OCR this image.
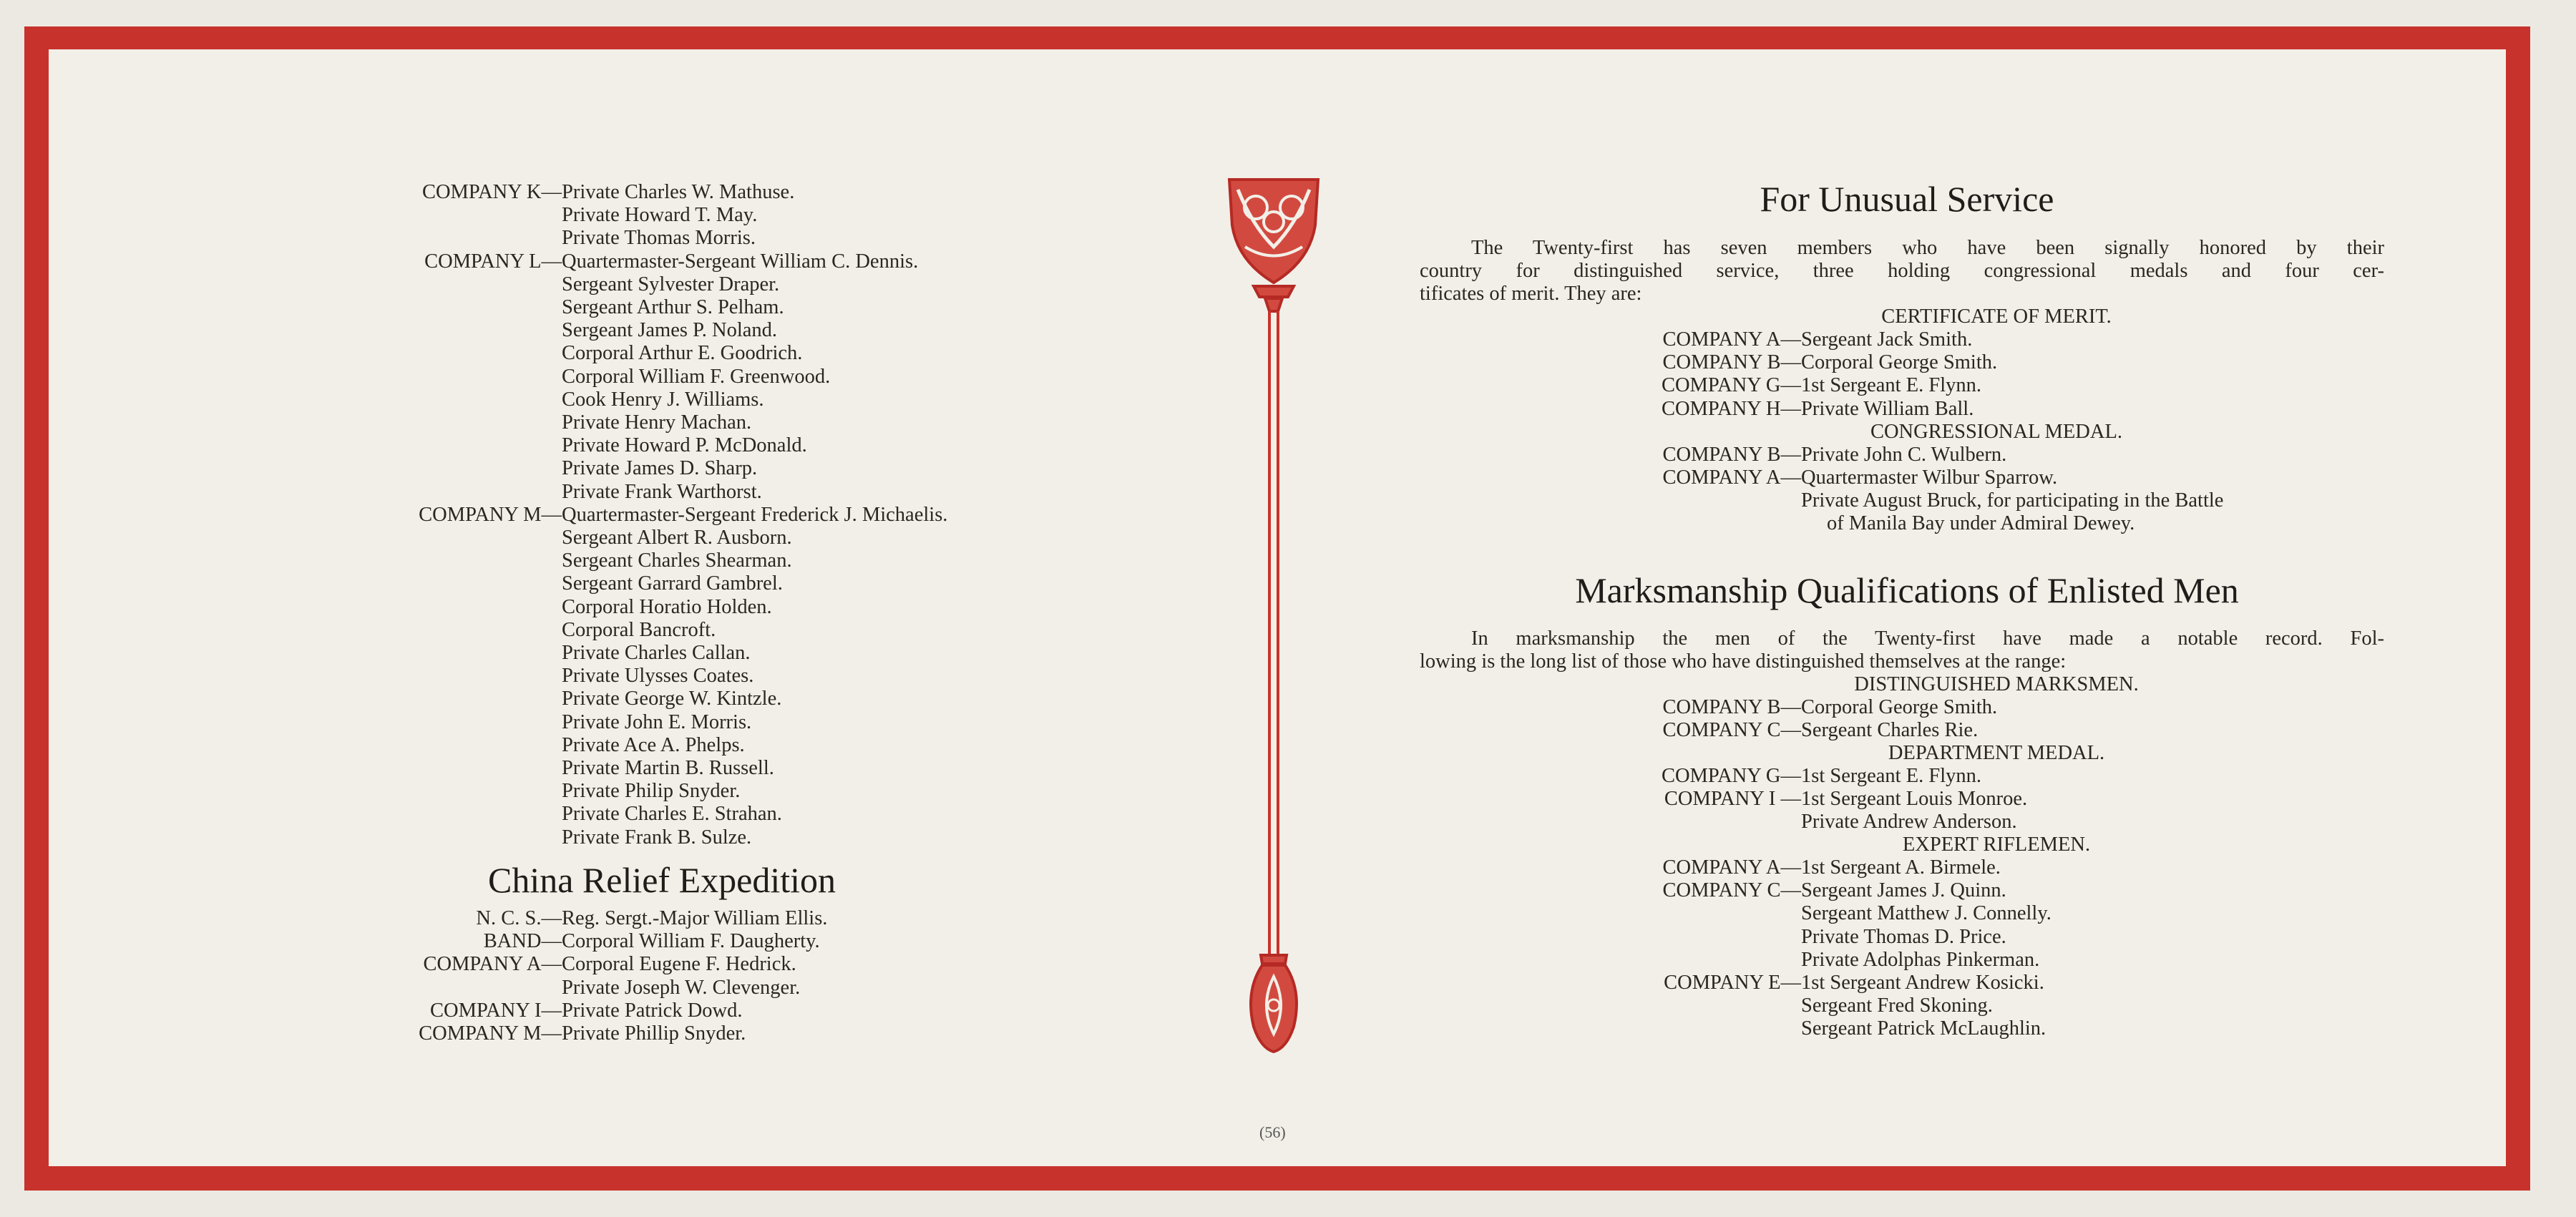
COMPANY K— Private Charles W. Mathuse.
Private Howard T. May.
Private Thomas Morris.
COMPANY L— Quartermaster-Sergeant William C. Dennis.
Sergeant Sylvester Draper.
Sergeant Arthur S. Pelham.
Sergeant James P. Noland.
Corporal Arthur E. Goodrich.
Corporal William F. Greenwood.
Cook Henry J. Williams.
Private Henry Machan.
Private Howard P. McDonald.
Private James D. Sharp.
Private Frank Warthorst.
COMPANY M— Quartermaster-Sergeant Frederick J. Michaelis.
Sergeant Albert R. Ausborn.
Sergeant Charles Shearman.
Sergeant Garrard Gambrel.
Corporal Horatio Holden.
Corporal Bancroft.
Private Charles Callan.
Private Ulysses Coates.
Private George W. Kintzle.
Private John E. Morris.
Private Ace A. Phelps.
Private Martin B. Russell.
Private Philip Snyder.
Private Charles E. Strahan.
Private Frank B. Sulze.
China Relief Expedition
N. C. S.— Reg. Sergt.-Major William Ellis.
BAND— Corporal William F. Daugherty.
COMPANY A— Corporal Eugene F. Hedrick.
Private Joseph W. Clevenger.
COMPANY I— Private Patrick Dowd.
COMPANY M— Private Phillip Snyder.
For Unusual Service
The Twenty-first has seven members who have been signally honored by their
country for distinguished service, three holding congressional medals and four cer-
tificates of merit. They are:
CERTIFICATE OF MERIT.
COMPANY A— Sergeant Jack Smith.
COMPANY B— Corporal George Smith.
COMPANY G— 1st Sergeant E. Flynn.
COMPANY H— Private William Ball.
CONGRESSIONAL MEDAL.
COMPANY B— Private John C. Wulbern.
COMPANY A— Quartermaster Wilbur Sparrow.
Private August Bruck, for participating in the Battle
of Manila Bay under Admiral Dewey.
Marksmanship Qualifications of Enlisted Men
In marksmanship the men of the Twenty-first have made a notable record. Fol-
lowing is the long list of those who have distinguished themselves at the range:
DISTINGUISHED MARKSMEN.
COMPANY B— Corporal George Smith.
COMPANY C— Sergeant Charles Rie.
DEPARTMENT MEDAL.
COMPANY G— 1st Sergeant E. Flynn.
COMPANY I — 1st Sergeant Louis Monroe.
Private Andrew Anderson.
EXPERT RIFLEMEN.
COMPANY A— 1st Sergeant A. Birmele.
COMPANY C— Sergeant James J. Quinn.
Sergeant Matthew J. Connelly.
Private Thomas D. Price.
Private Adolphas Pinkerman.
COMPANY E— 1st Sergeant Andrew Kosicki.
Sergeant Fred Skoning.
Sergeant Patrick McLaughlin.
(56)
